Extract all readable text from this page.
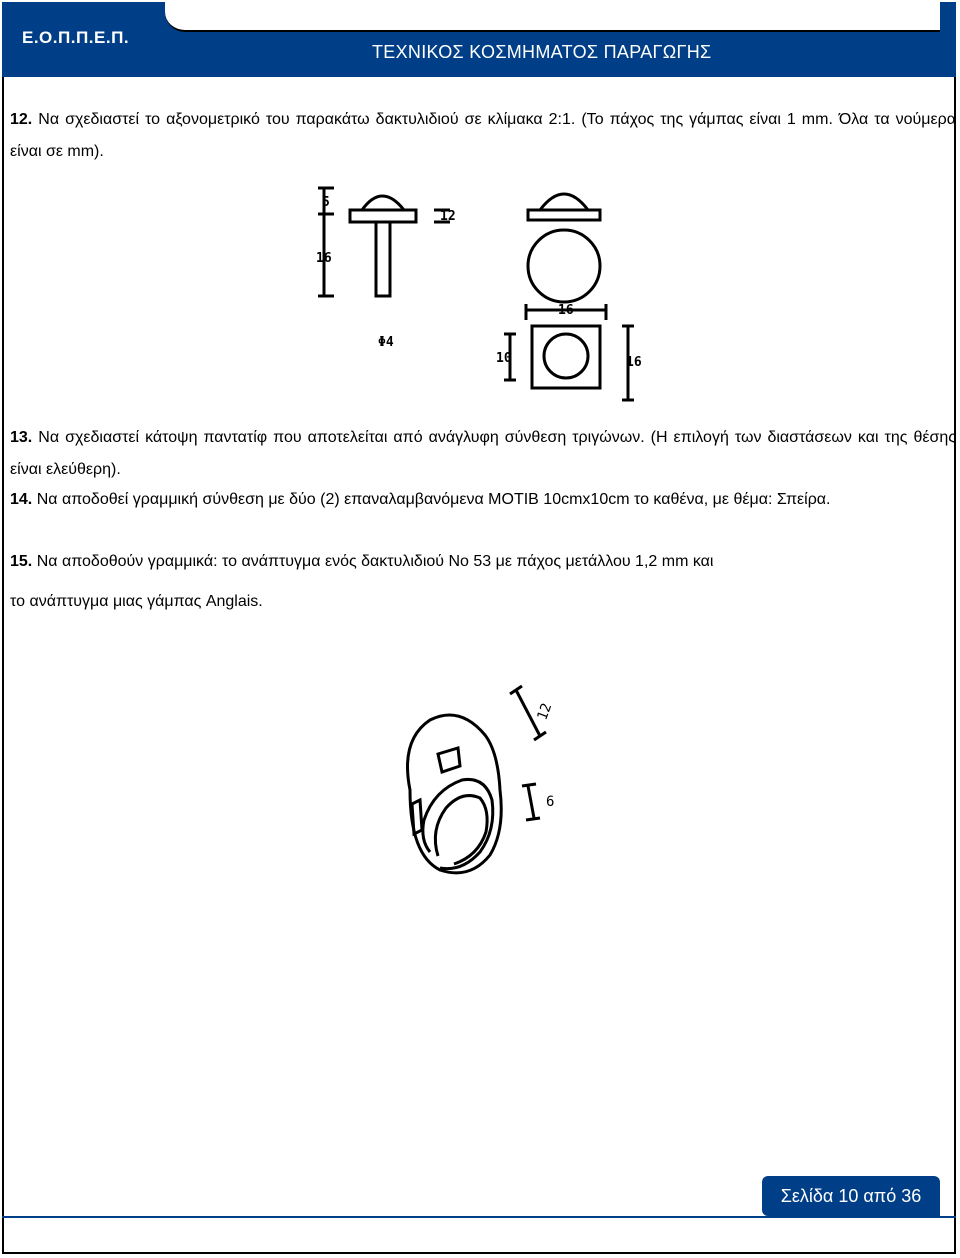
Ε.Ο.Π.Π.Ε.Π.
ΤΕΧΝΙΚΟΣ ΚΟΣΜΗΜΑΤΟΣ ΠΑΡΑΓΩΓΗΣ
12. Να σχεδιαστεί το αξονομετρικό του παρακάτω δακτυλιδιού σε κλίμακα 2:1. (Το πάχος της γάμπας είναι 1 mm. Όλα τα νούμερα είναι σε mm).
5
16
12
Φ4
16
10	16
13. Να σχεδιαστεί κάτοψη παντατίφ που αποτελείται από ανάγλυφη σύνθεση τριγώνων. (Η επιλογή των διαστάσεων και της θέσης είναι ελεύθερη).
14. Να αποδοθεί γραμμική σύνθεση με δύο (2) επαναλαμβανόμενα ΜΟΤΙΒ 10cmx10cm το καθένα, με θέμα: Σπείρα.
15. Να αποδοθούν γραμμικά: το ανάπτυγμα ενός δακτυλιδιού Νο 53 με πάχος μετάλλου 1,2 mm και
το ανάπτυγμα μιας γάμπας Anglais.
12
6
Σελίδα 10 από 36
